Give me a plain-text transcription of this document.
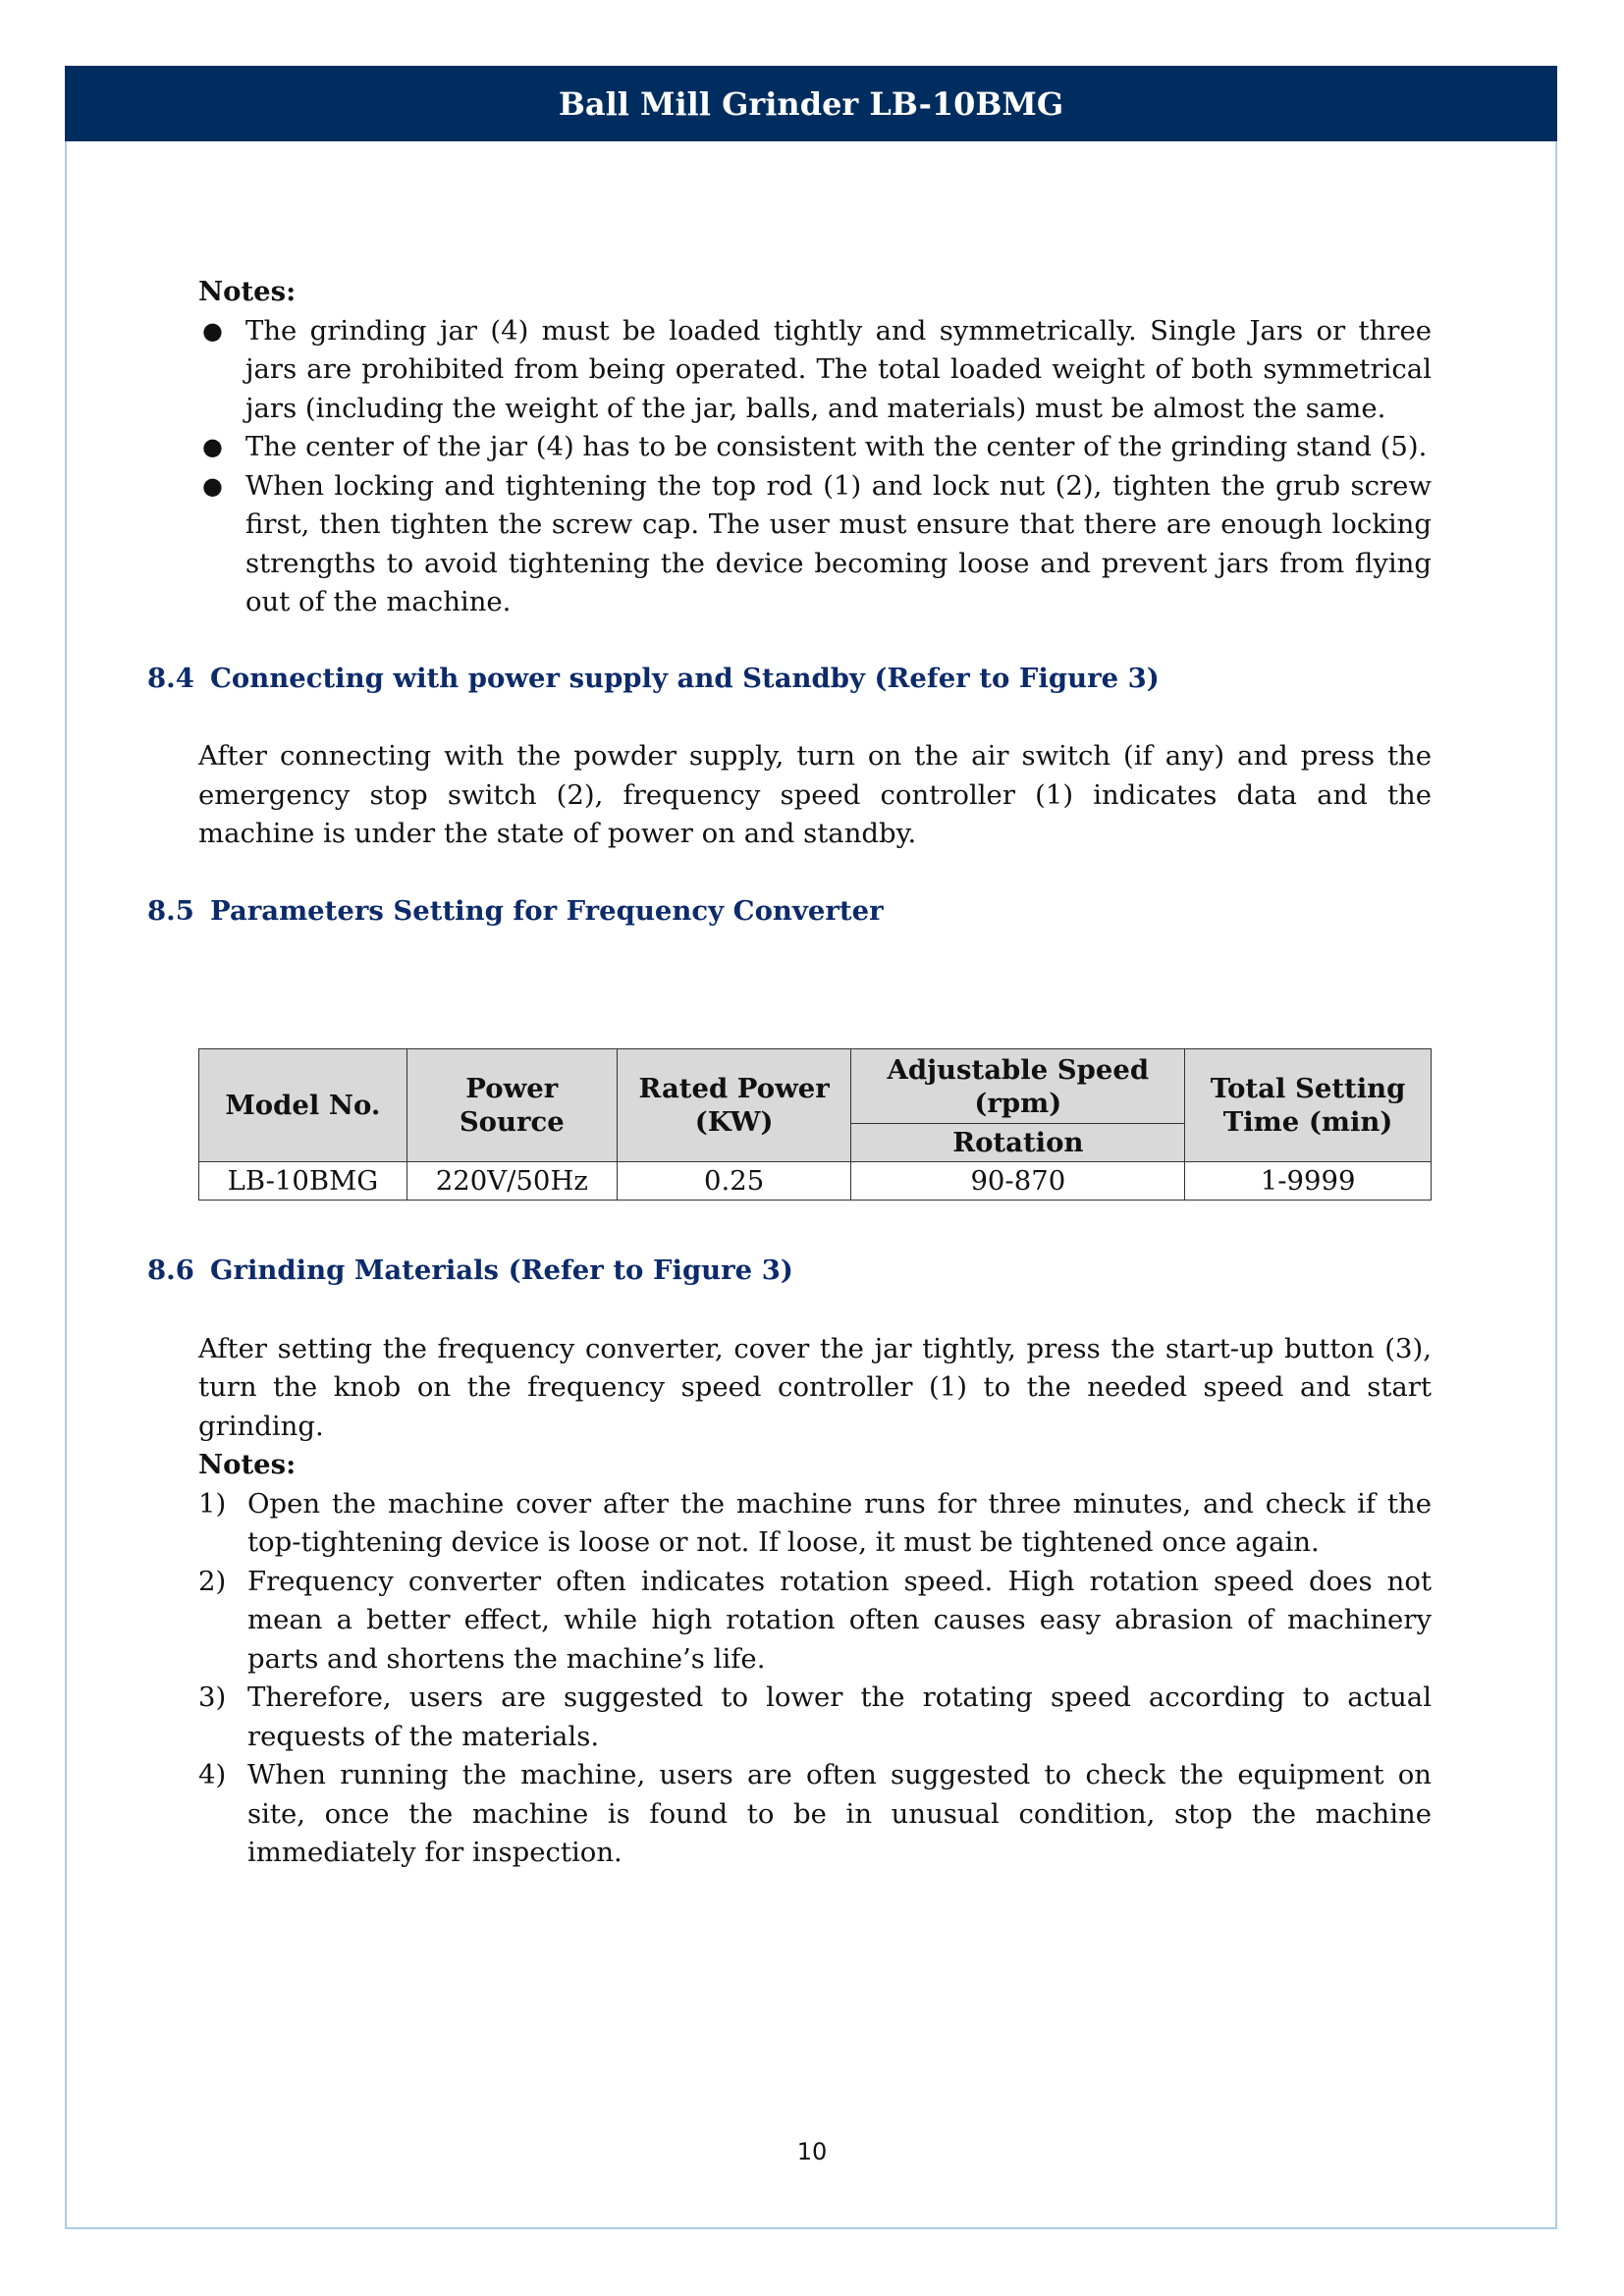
Ball Mill Grinder LB-10BMG

Notes:

● The grinding jar (4) must be loaded tightly and symmetrically. Single Jars or three jars are prohibited from being operated. The total loaded weight of both symmetrical jars (including the weight of the jar, balls, and materials) must be almost the same.
● The center of the jar (4) has to be consistent with the center of the grinding stand (5).
● When locking and tightening the top rod (1) and lock nut (2), tighten the grub screw first, then tighten the screw cap. The user must ensure that there are enough locking strengths to avoid tightening the device becoming loose and prevent jars from flying out of the machine.

8.4 Connecting with power supply and Standby (Refer to Figure 3)

After connecting with the powder supply, turn on the air switch (if any) and press the emergency stop switch (2), frequency speed controller (1) indicates data and the machine is under the state of power on and standby.

8.5 Parameters Setting for Frequency Converter

Model No.	Power Source	Rated Power (KW)	Adjustable Speed (rpm)	Total Setting Time (min)
			Rotation	
LB-10BMG	220V/50Hz	0.25	90-870	1-9999

8.6 Grinding Materials (Refer to Figure 3)

After setting the frequency converter, cover the jar tightly, press the start-up button (3), turn the knob on the frequency speed controller (1) to the needed speed and start grinding.

Notes:

1) Open the machine cover after the machine runs for three minutes, and check if the top-tightening device is loose or not. If loose, it must be tightened once again.
2) Frequency converter often indicates rotation speed. High rotation speed does not mean a better effect, while high rotation often causes easy abrasion of machinery parts and shortens the machine’s life.
3) Therefore, users are suggested to lower the rotating speed according to actual requests of the materials.
4) When running the machine, users are often suggested to check the equipment on site, once the machine is found to be in unusual condition, stop the machine immediately for inspection.
10
